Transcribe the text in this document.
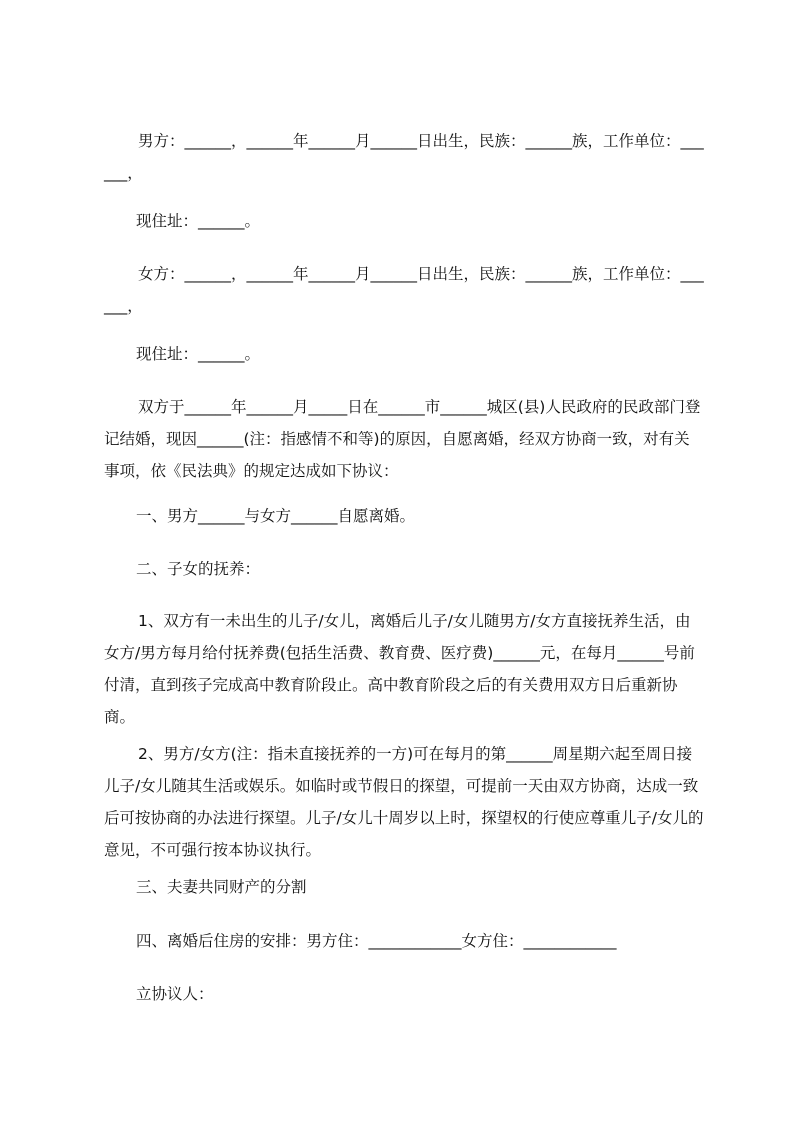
男方：______，______年______月______日出生，民族：______族，工作单位：______，

现住址：______。

女方：______，______年______月______日出生，民族：______族，工作单位：______，

现住址：______。

双方于______年______月_____日在______市______城区(县)人民政府的民政部门登记结婚，现因______(注：指感情不和等)的原因，自愿离婚，经双方协商一致，对有关事项，依《民法典》的规定达成如下协议：

一、男方______与女方______自愿离婚。

二、子女的抚养：

1、双方有一未出生的儿子/女儿，离婚后儿子/女儿随男方/女方直接抚养生活，由女方/男方每月给付抚养费(包括生活费、教育费、医疗费)______元，在每月______号前付清，直到孩子完成高中教育阶段止。高中教育阶段之后的有关费用双方日后重新协商。

2、男方/女方(注：指未直接抚养的一方)可在每月的第______周星期六起至周日接儿子/女儿随其生活或娱乐。如临时或节假日的探望，可提前一天由双方协商，达成一致后可按协商的办法进行探望。儿子/女儿十周岁以上时，探望权的行使应尊重儿子/女儿的意见，不可强行按本协议执行。

三、夫妻共同财产的分割

四、离婚后住房的安排：男方住：____________女方住：____________

立协议人：
